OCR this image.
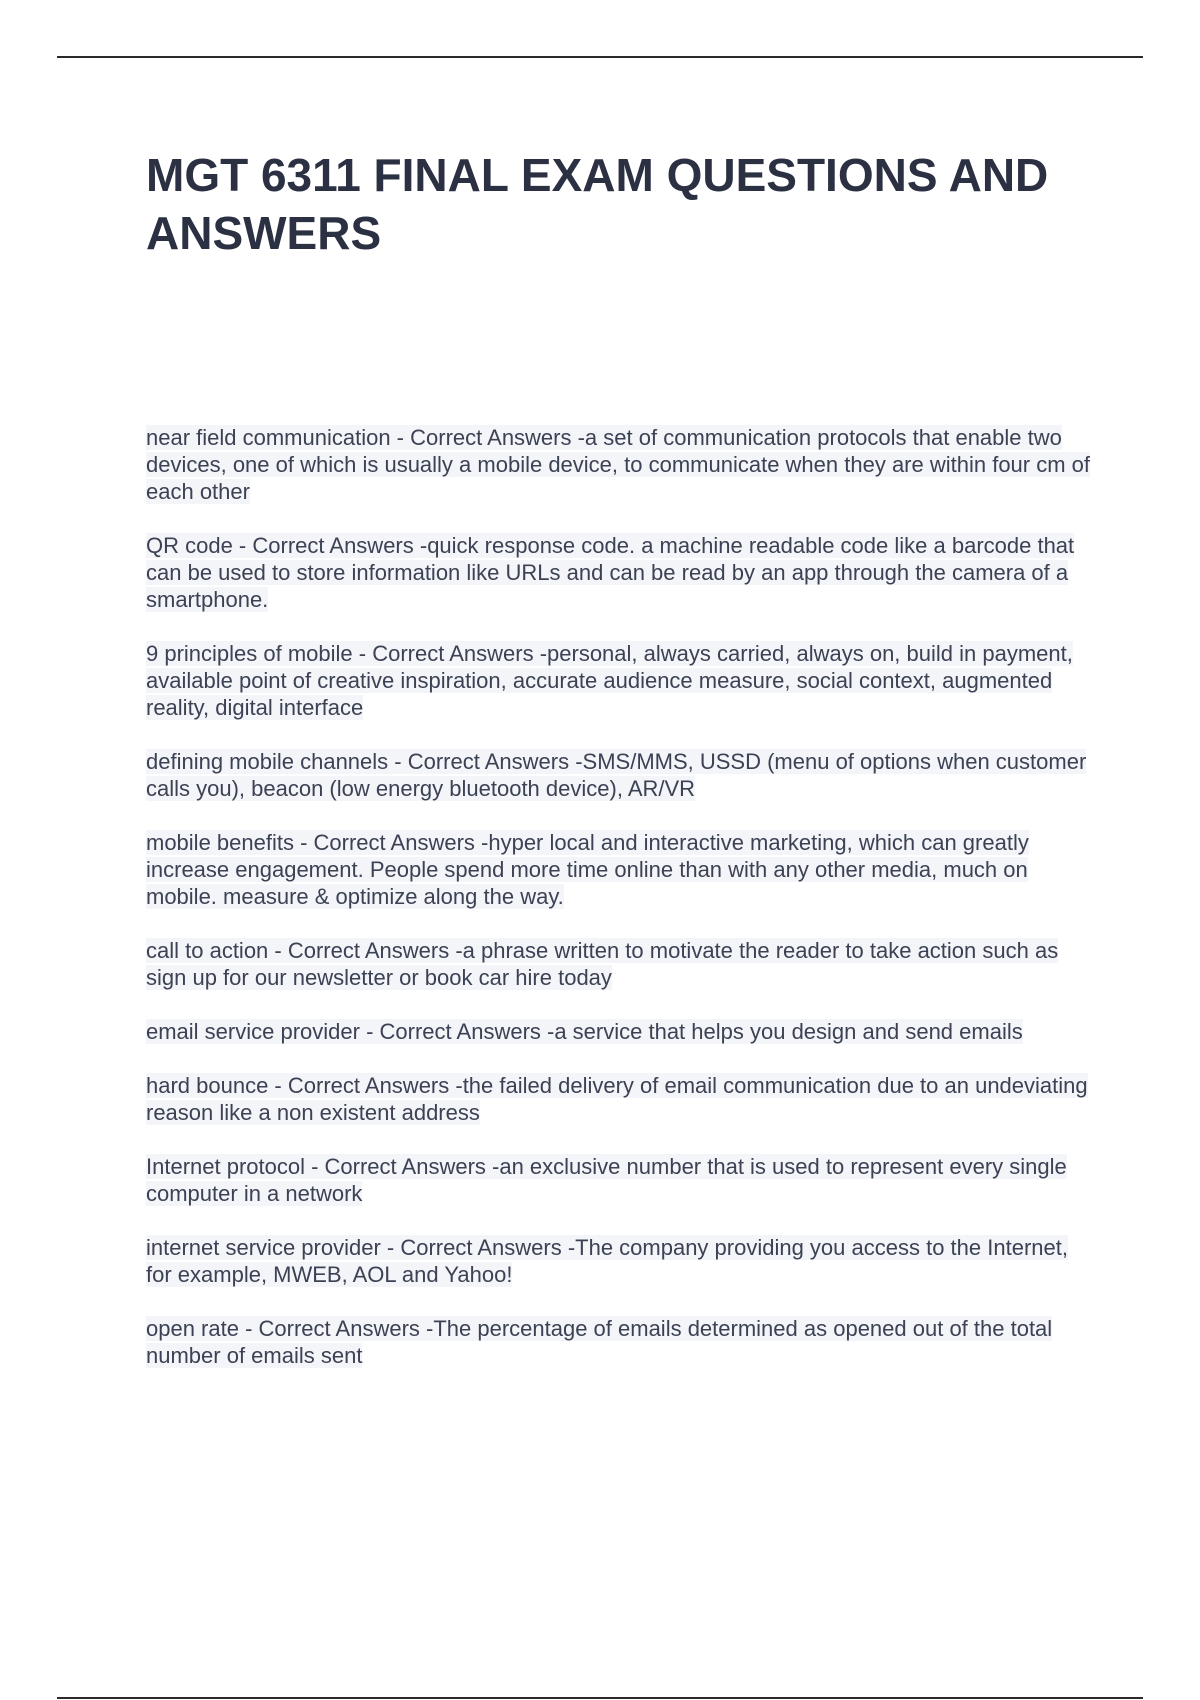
MGT 6311 FINAL EXAM QUESTIONS AND ANSWERS
near field communication - Correct Answers -a set of communication protocols that enable two devices, one of which is usually a mobile device, to communicate when they are within four cm of each other
QR code - Correct Answers -quick response code. a machine readable code like a barcode that can be used to store information like URLs and can be read by an app through the camera of a smartphone.
9 principles of mobile - Correct Answers -personal, always carried, always on, build in payment, available point of creative inspiration, accurate audience measure, social context, augmented reality, digital interface
defining mobile channels - Correct Answers -SMS/MMS, USSD (menu of options when customer calls you), beacon (low energy bluetooth device), AR/VR
mobile benefits - Correct Answers -hyper local and interactive marketing, which can greatly increase engagement. People spend more time online than with any other media, much on mobile. measure & optimize along the way.
call to action - Correct Answers -a phrase written to motivate the reader to take action such as sign up for our newsletter or book car hire today
email service provider - Correct Answers -a service that helps you design and send emails
hard bounce - Correct Answers -the failed delivery of email communication due to an undeviating reason like a non existent address
Internet protocol - Correct Answers -an exclusive number that is used to represent every single computer in a network
internet service provider - Correct Answers -The company providing you access to the Internet, for example, MWEB, AOL and Yahoo!
open rate - Correct Answers -The percentage of emails determined as opened out of the total number of emails sent
